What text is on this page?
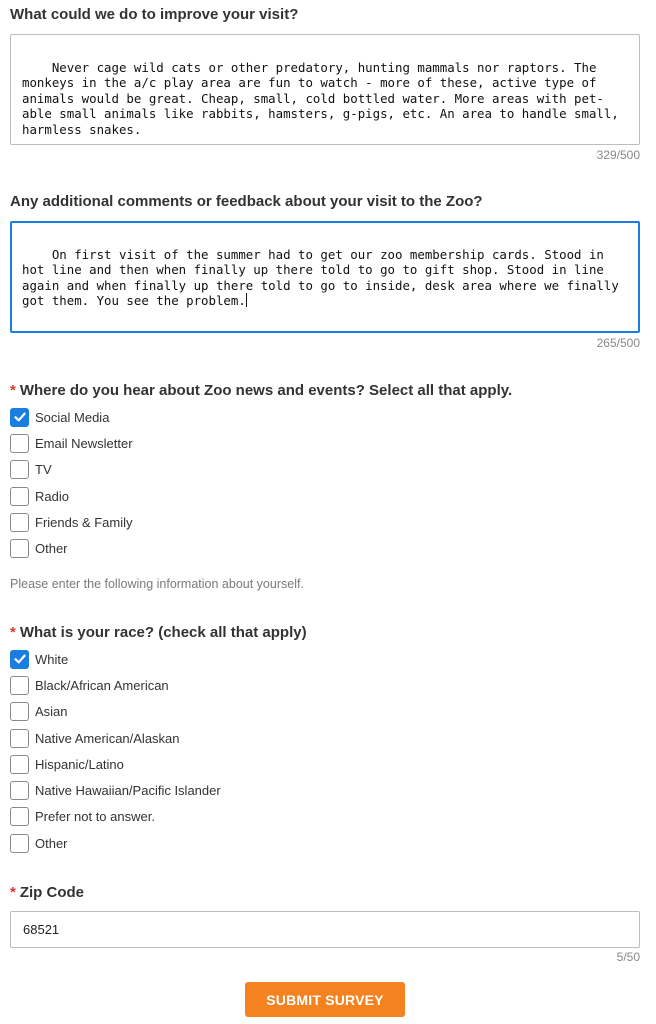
What could we do to improve your visit?

Never cage wild cats or other predatory, hunting mammals nor raptors. The monkeys in the a/c play area are fun to watch - more of these, active type of animals would be great. Cheap, small, cold bottled water. More areas with pet-able small animals like rabbits, hamsters, g-pigs, etc. An area to handle small, harmless snakes.

329/500
Any additional comments or feedback about your visit to the Zoo?

On first visit of the summer had to get our zoo membership cards. Stood in hot line and then when finally up there told to go to gift shop. Stood in line again and when finally up there told to go to inside, desk area where we finally got them. You see the problem.

265/500
* Where do you hear about Zoo news and events? Select all that apply.
Social Media
Email Newsletter
TV
Radio
Friends & Family
Other

Please enter the following information about yourself.

* What is your race? (check all that apply)
White
Black/African American
Asian
Native American/Alaskan
Hispanic/Latino
Native Hawaiian/Pacific Islander
Prefer not to answer.
Other
* Zip Code
68521
5/50
SUBMIT SURVEY
